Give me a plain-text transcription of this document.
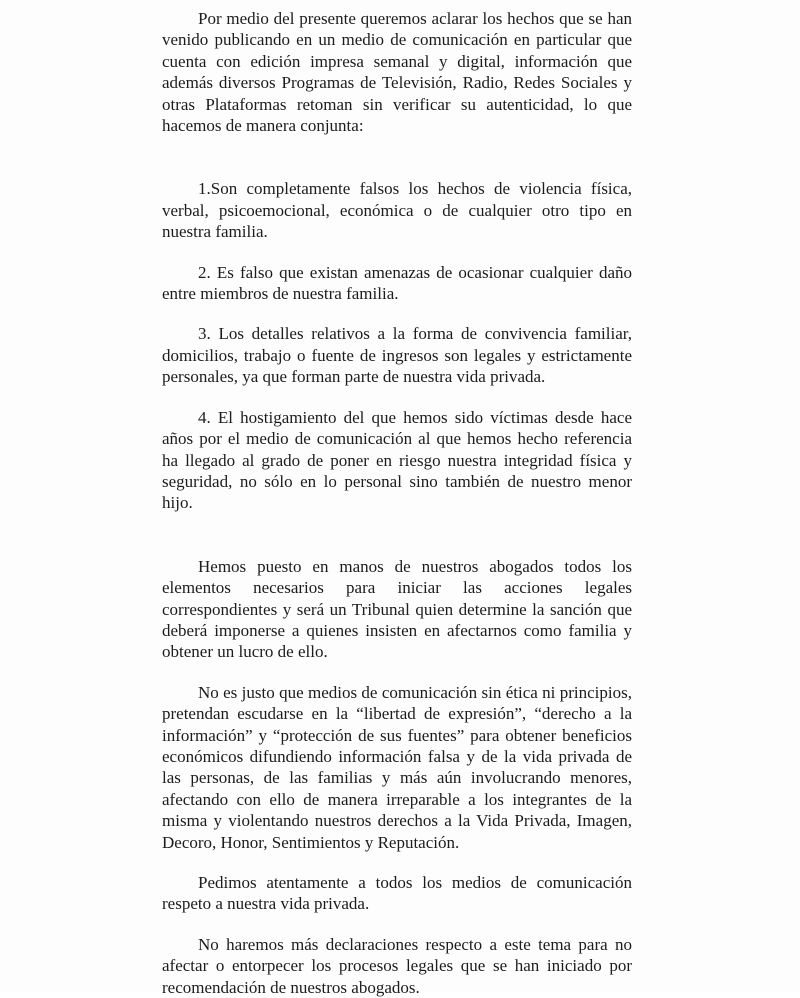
Por medio del presente queremos aclarar los hechos que se han venido publicando en un medio de comunicación en particular que cuenta con edición impresa semanal y digital, información que además diversos Programas de Televisión, Radio, Redes Sociales y otras Plataformas retoman sin verificar su autenticidad, lo que hacemos de manera conjunta:

1.Son completamente falsos los hechos de violencia física, verbal, psicoemocional, económica o de cualquier otro tipo en nuestra familia.

2. Es falso que existan amenazas de ocasionar cualquier daño entre miembros de nuestra familia.

3. Los detalles relativos a la forma de convivencia familiar, domicilios, trabajo o fuente de ingresos son legales y estrictamente personales, ya que forman parte de nuestra vida privada.

4. El hostigamiento del que hemos sido víctimas desde hace años por el medio de comunicación al que hemos hecho referencia ha llegado al grado de poner en riesgo nuestra integridad física y seguridad, no sólo en lo personal sino también de nuestro menor hijo.

Hemos puesto en manos de nuestros abogados todos los elementos necesarios para iniciar las acciones legales correspondientes y será un Tribunal quien determine la sanción que deberá imponerse a quienes insisten en afectarnos como familia y obtener un lucro de ello.

No es justo que medios de comunicación sin ética ni principios, pretendan escudarse en la “libertad de expresión”, “derecho a la información” y “protección de sus fuentes” para obtener beneficios económicos difundiendo información falsa y de la vida privada de las personas, de las familias y más aún involucrando menores, afectando con ello de manera irreparable a los integrantes de la misma y violentando nuestros derechos a la Vida Privada, Imagen, Decoro, Honor, Sentimientos y Reputación.

Pedimos atentamente a todos los medios de comunicación respeto a nuestra vida privada.

No haremos más declaraciones respecto a este tema para no afectar o entorpecer los procesos legales que se han iniciado por recomendación de nuestros abogados.
